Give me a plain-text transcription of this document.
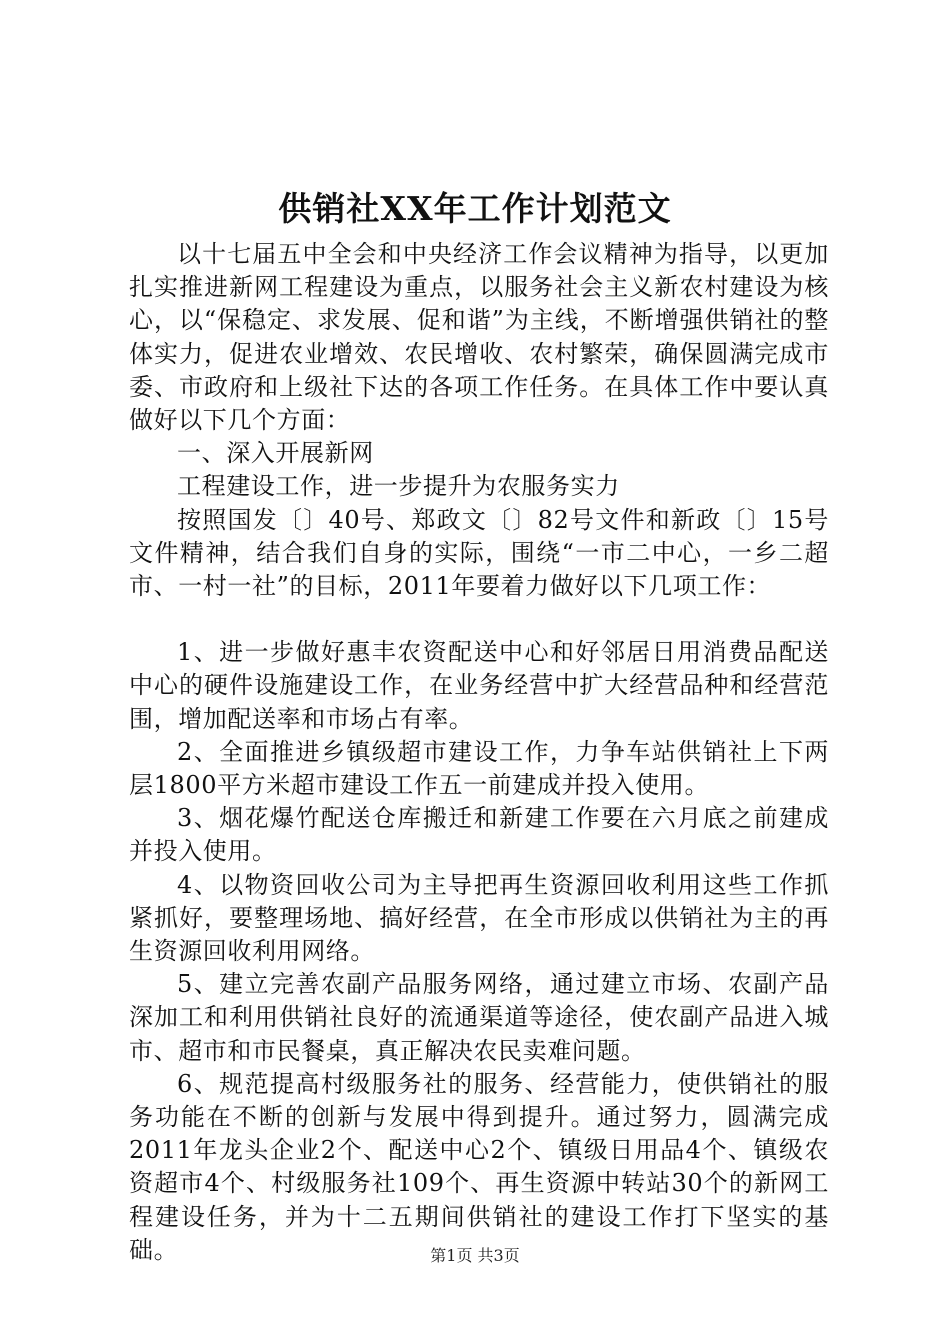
供销社XX年工作计划范文

以十七届五中全会和中央经济工作会议精神为指导，以更加扎实推进新网工程建设为重点，以服务社会主义新农村建设为核心，以“保稳定、求发展、促和谐”为主线，不断增强供销社的整体实力，促进农业增效、农民增收、农村繁荣，确保圆满完成市委、市政府和上级社下达的各项工作任务。在具体工作中要认真做好以下几个方面：

一、深入开展新网

工程建设工作，进一步提升为农服务实力

按照国发〔〕40号、郑政文〔〕82号文件和新政〔〕15号文件精神，结合我们自身的实际，围绕“一市二中心，一乡二超市、一村一社”的目标，2011年要着力做好以下几项工作：

1、进一步做好惠丰农资配送中心和好邻居日用消费品配送中心的硬件设施建设工作，在业务经营中扩大经营品种和经营范围，增加配送率和市场占有率。

2、全面推进乡镇级超市建设工作，力争车站供销社上下两层1800平方米超市建设工作五一前建成并投入使用。

3、烟花爆竹配送仓库搬迁和新建工作要在六月底之前建成并投入使用。

4、以物资回收公司为主导把再生资源回收利用这些工作抓紧抓好，要整理场地、搞好经营，在全市形成以供销社为主的再生资源回收利用网络。

5、建立完善农副产品服务网络，通过建立市场、农副产品深加工和利用供销社良好的流通渠道等途径，使农副产品进入城市、超市和市民餐桌，真正解决农民卖难问题。

6、规范提高村级服务社的服务、经营能力，使供销社的服务功能在不断的创新与发展中得到提升。通过努力，圆满完成2011年龙头企业2个、配送中心2个、镇级日用品4个、镇级农资超市4个、村级服务社109个、再生资源中转站30个的新网工程建设任务，并为十二五期间供销社的建设工作打下坚实的基础。	第1页 共3页
